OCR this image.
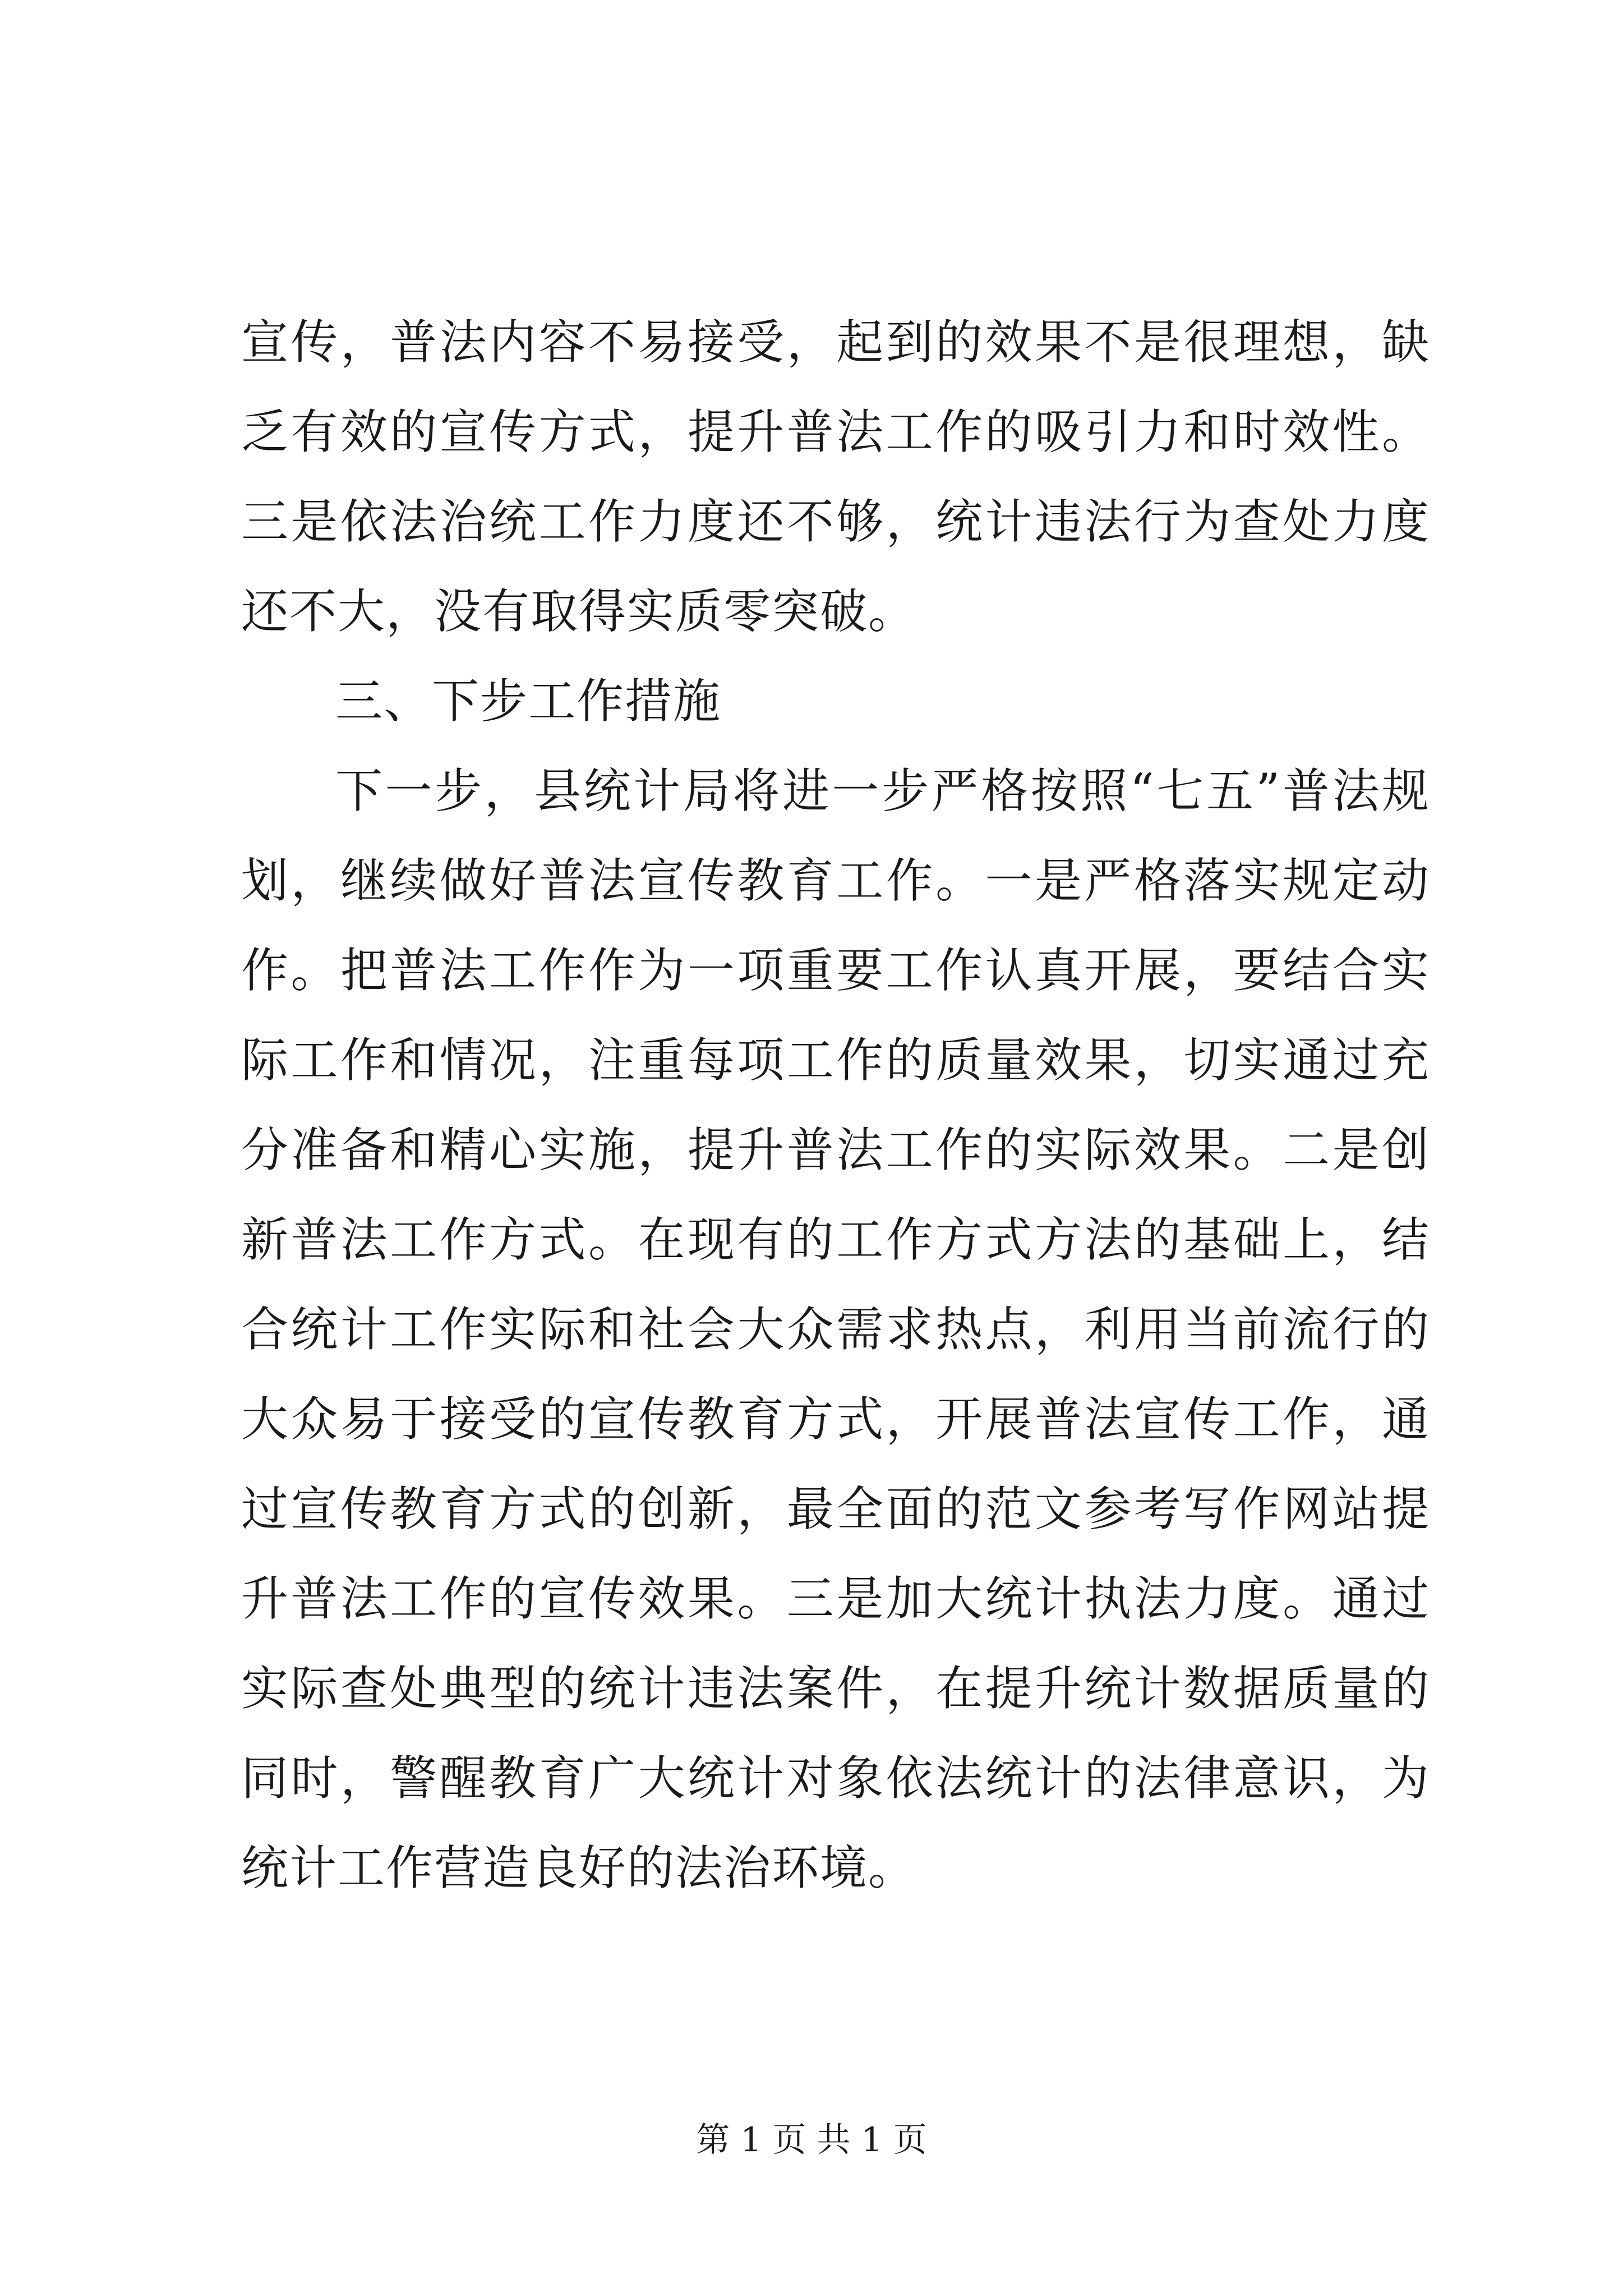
宣传，普法内容不易接受，起到的效果不是很理想，缺乏有效的宣传方式，提升普法工作的吸引力和时效性。三是依法治统工作力度还不够，统计违法行为查处力度还不大，没有取得实质零突破。

三、下步工作措施

下一步，县统计局将进一步严格按照“七五”普法规划，继续做好普法宣传教育工作。一是严格落实规定动作。把普法工作作为一项重要工作认真开展，要结合实际工作和情况，注重每项工作的质量效果，切实通过充分准备和精心实施，提升普法工作的实际效果。二是创新普法工作方式。在现有的工作方式方法的基础上，结合统计工作实际和社会大众需求热点，利用当前流行的大众易于接受的宣传教育方式，开展普法宣传工作，通过宣传教育方式的创新，最全面的范文参考写作网站提升普法工作的宣传效果。三是加大统计执法力度。通过实际查处典型的统计违法案件，在提升统计数据质量的同时，警醒教育广大统计对象依法统计的法律意识，为统计工作营造良好的法治环境。

第 1 页 共 1 页
